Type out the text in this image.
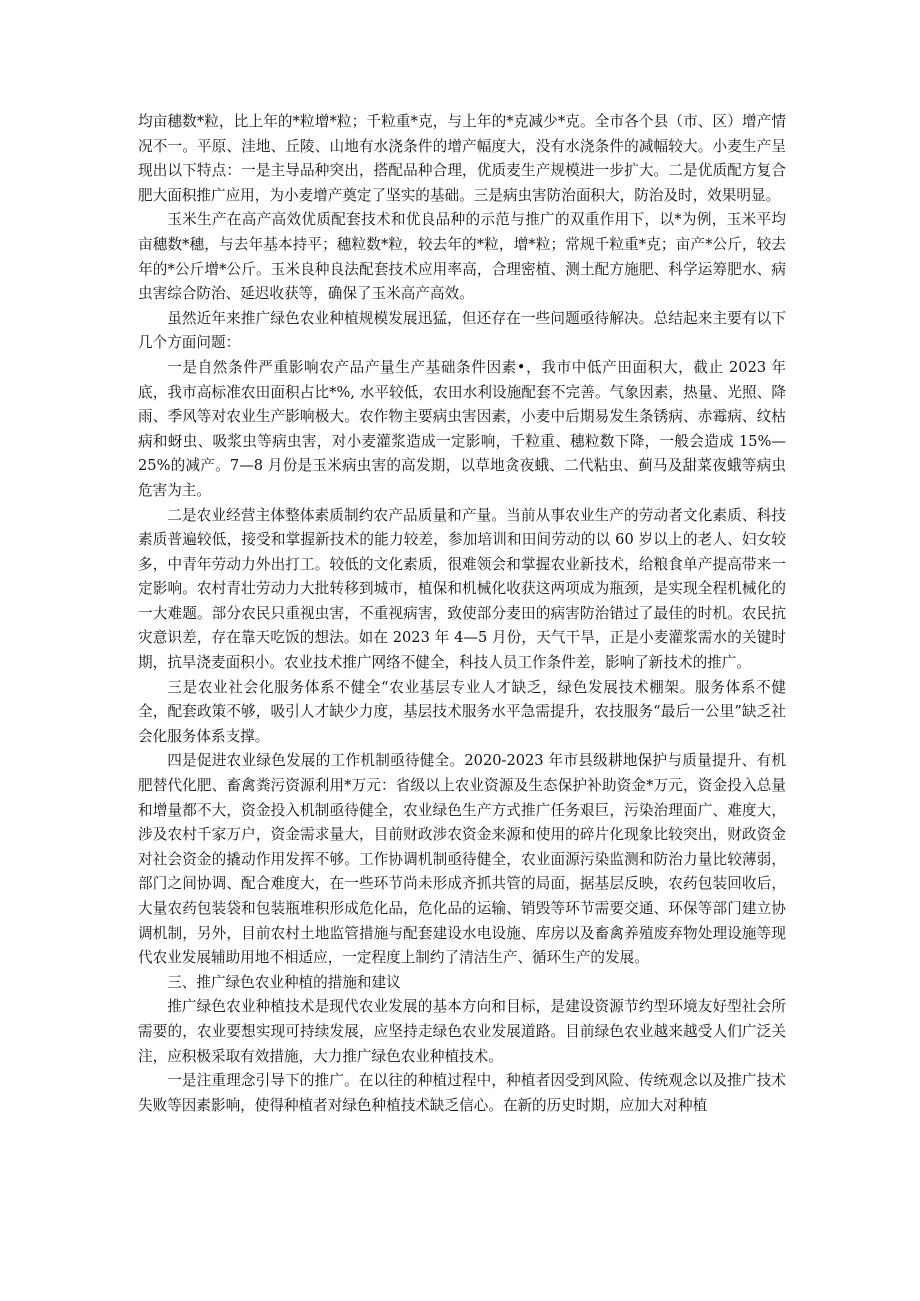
均亩穗数*粒，比上年的*粒增*粒；千粒重*克，与上年的*克减少*克。全市各个县（市、区）增产情况不一。平原、洼地、丘陵、山地有水浇条件的增产幅度大，没有水浇条件的减幅较大。小麦生产呈现出以下特点：一是主导品种突出，搭配品种合理，优质麦生产规模进一步扩大。二是优质配方复合肥大面积推广应用，为小麦增产奠定了坚实的基础。三是病虫害防治面积大，防治及时，效果明显。

玉米生产在高产高效优质配套技术和优良品种的示范与推广的双重作用下，以*为例，玉米平均亩穗数*穗，与去年基本持平；穗粒数*粒，较去年的*粒，增*粒；常规千粒重*克；亩产*公斤，较去年的*公斤增*公斤。玉米良种良法配套技术应用率高，合理密植、测土配方施肥、科学运筹肥水、病虫害综合防治、延迟收获等，确保了玉米高产高效。

虽然近年来推广绿色农业种植规模发展迅猛，但还存在一些问题亟待解决。总结起来主要有以下几个方面问题：

一是自然条件严重影响农产品产量生产基础条件因素•，我市中低产田面积大，截止 2023 年底，我市高标准农田面积占比*%, 水平较低，农田水利设施配套不完善。气象因素，热量、光照、降雨、季风等对农业生产影响极大。农作物主要病虫害因素，小麦中后期易发生条锈病、赤霉病、纹枯病和蚜虫、吸浆虫等病虫害，对小麦灌浆造成一定影响，千粒重、穗粒数下降，一般会造成 15%—25%的减产。7—8 月份是玉米病虫害的高发期，以草地贪夜蛾、二代粘虫、蓟马及甜菜夜蛾等病虫危害为主。

二是农业经营主体整体素质制约农产品质量和产量。当前从事农业生产的劳动者文化素质、科技素质普遍较低，接受和掌握新技术的能力较差，参加培训和田间劳动的以 60 岁以上的老人、妇女较多，中青年劳动力外出打工。较低的文化素质，很难领会和掌握农业新技术，给粮食单产提高带来一定影响。农村青壮劳动力大批转移到城市，植保和机械化收获这两项成为瓶颈，是实现全程机械化的一大难题。部分农民只重视虫害，不重视病害，致使部分麦田的病害防治错过了最佳的时机。农民抗灾意识差，存在靠天吃饭的想法。如在 2023 年 4—5 月份，天气干旱，正是小麦灌浆需水的关键时期，抗旱浇麦面积小。农业技术推广网络不健全，科技人员工作条件差，影响了新技术的推广。

三是农业社会化服务体系不健全“农业基层专业人才缺乏，绿色发展技术棚架。服务体系不健全，配套政策不够，吸引人才缺少力度，基层技术服务水平急需提升，农技服务“最后一公里”缺乏社会化服务体系支撑。

四是促进农业绿色发展的工作机制亟待健全。2020-2023 年市县级耕地保护与质量提升、有机肥替代化肥、畜禽粪污资源利用*万元：省级以上农业资源及生态保护补助资金*万元，资金投入总量和增量都不大，资金投入机制亟待健全，农业绿色生产方式推广任务艰巨，污染治理面广、难度大，涉及农村千家万户，资金需求量大，目前财政涉农资金来源和使用的碎片化现象比较突出，财政资金对社会资金的撬动作用发挥不够。工作协调机制亟待健全，农业面源污染监测和防治力量比较薄弱，部门之间协调、配合难度大，在一些环节尚未形成齐抓共管的局面，据基层反映，农药包装回收后，大量农药包装袋和包装瓶堆积形成危化品，危化品的运输、销毁等环节需要交通、环保等部门建立协调机制，另外，目前农村土地监管措施与配套建设水电设施、库房以及畜禽养殖废弃物处理设施等现代农业发展辅助用地不相适应，一定程度上制约了清洁生产、循环生产的发展。

三、推广绿色农业种植的措施和建议

推广绿色农业种植技术是现代农业发展的基本方向和目标，是建设资源节约型环境友好型社会所需要的，农业要想实现可持续发展，应坚持走绿色农业发展道路。目前绿色农业越来越受人们广泛关注，应积极采取有效措施，大力推广绿色农业种植技术。

一是注重理念引导下的推广。在以往的种植过程中，种植者因受到风险、传统观念以及推广技术失败等因素影响，使得种植者对绿色种植技术缺乏信心。在新的历史时期，应加大对种植
